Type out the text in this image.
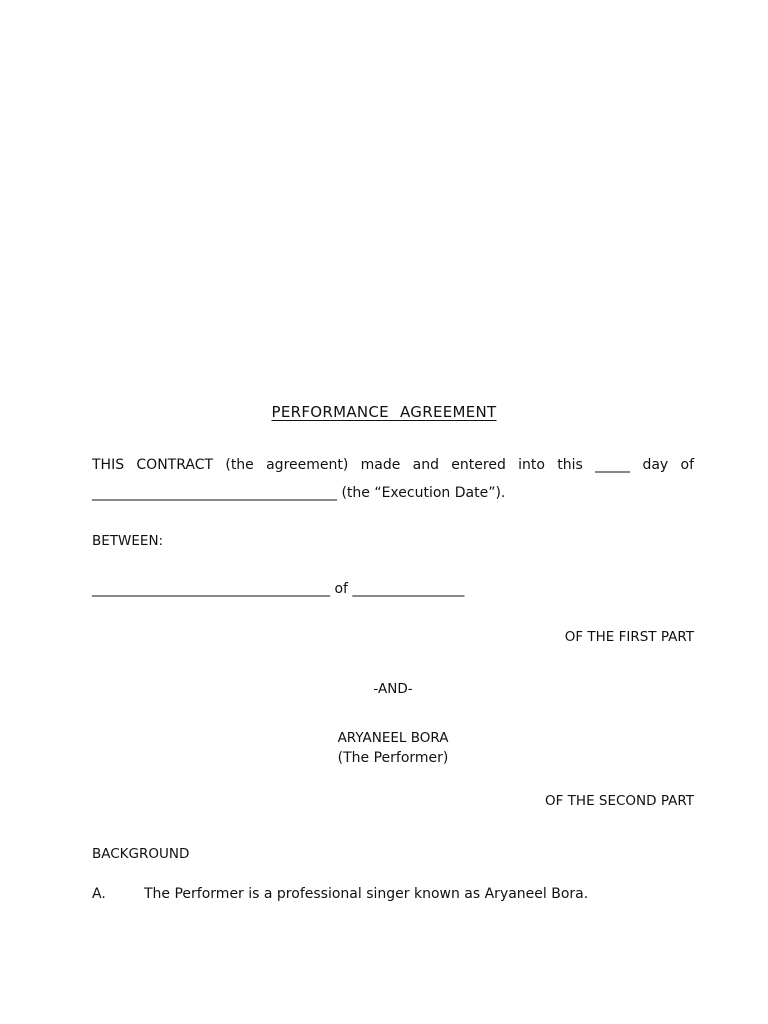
PERFORMANCE AGREEMENT
THIS CONTRACT (the agreement) made and entered into this _____ day of
___________________________________ (the “Execution Date”).
BETWEEN:
__________________________________ of ________________
OF THE FIRST PART
-AND-
ARYANEEL BORA
(The Performer)
OF THE SECOND PART
BACKGROUND
A.	The Performer is a professional singer known as Aryaneel Bora.
